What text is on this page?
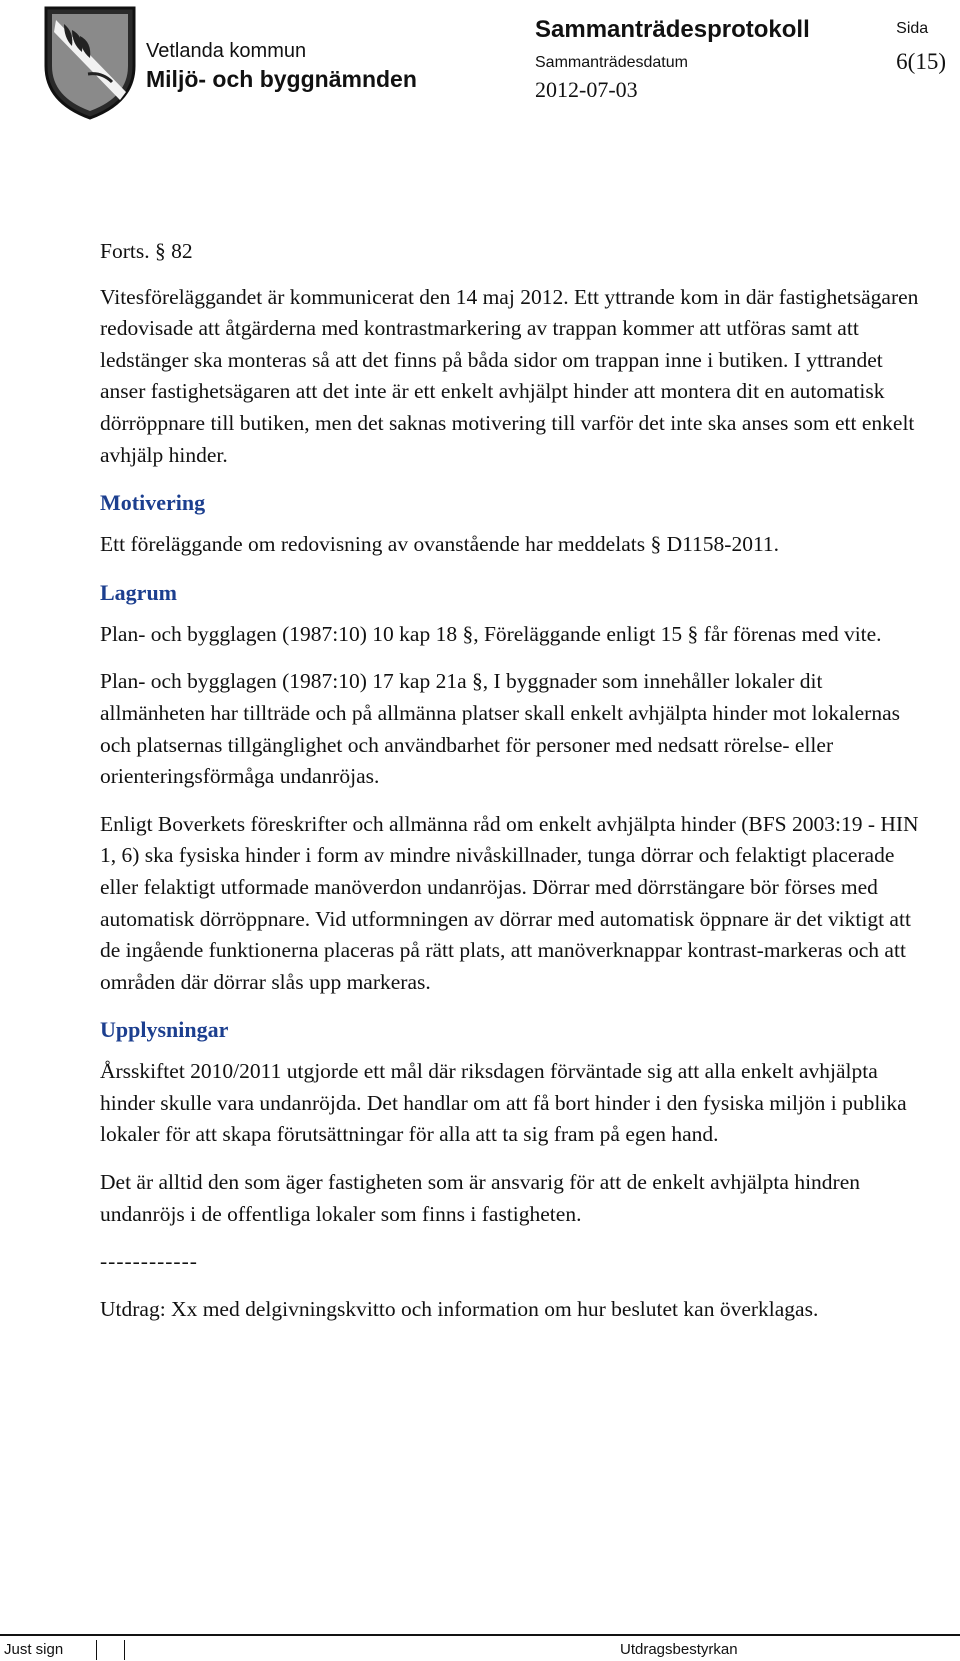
Vetlanda kommun
Miljö- och byggnämnden
Sammanträdesprotokoll
Sammanträdesdatum
2012-07-03
Sida
6(15)

Forts. § 82

Vitesföreläggandet är kommunicerat den 14 maj 2012. Ett yttrande kom in där fastighetsägaren redovisade att åtgärderna med kontrastmarkering av trappan kommer att utföras samt att ledstänger ska monteras så att det finns på båda sidor om trappan inne i butiken. I yttrandet anser fastighetsägaren att det inte är ett enkelt avhjälpt hinder att montera dit en automatisk dörröppnare till butiken, men det saknas motivering till varför det inte ska anses som ett enkelt avhjälp hinder.

Motivering

Ett föreläggande om redovisning av ovanstående har meddelats § D1158-2011.

Lagrum

Plan- och bygglagen (1987:10) 10 kap 18 §, Föreläggande enligt 15 § får förenas med vite.

Plan- och bygglagen (1987:10) 17 kap 21a §, I byggnader som innehåller lokaler dit allmänheten har tillträde och på allmänna platser skall enkelt avhjälpta hinder mot lokalernas och platsernas tillgänglighet och användbarhet för personer med nedsatt rörelse- eller orienteringsförmåga undanröjas.

Enligt Boverkets föreskrifter och allmänna råd om enkelt avhjälpta hinder (BFS 2003:19 - HIN 1, 6) ska fysiska hinder i form av mindre nivåskillnader, tunga dörrar och felaktigt placerade eller felaktigt utformade manöverdon undanröjas. Dörrar med dörrstängare bör förses med automatisk dörröppnare. Vid utformningen av dörrar med automatisk öppnare är det viktigt att de ingående funktionerna placeras på rätt plats, att manöverknappar kontrast-markeras och att områden där dörrar slås upp markeras.

Upplysningar

Årsskiftet 2010/2011 utgjorde ett mål där riksdagen förväntade sig att alla enkelt avhjälpta hinder skulle vara undanröjda. Det handlar om att få bort hinder i den fysiska miljön i publika lokaler för att skapa förutsättningar för alla att ta sig fram på egen hand.

Det är alltid den som äger fastigheten som är ansvarig för att de enkelt avhjälpta hindren undanröjs i de offentliga lokaler som finns i fastigheten.

------------

Utdrag: Xx med delgivningskvitto och information om hur beslutet kan överklagas.

Just sign	Utdragsbestyrkan
